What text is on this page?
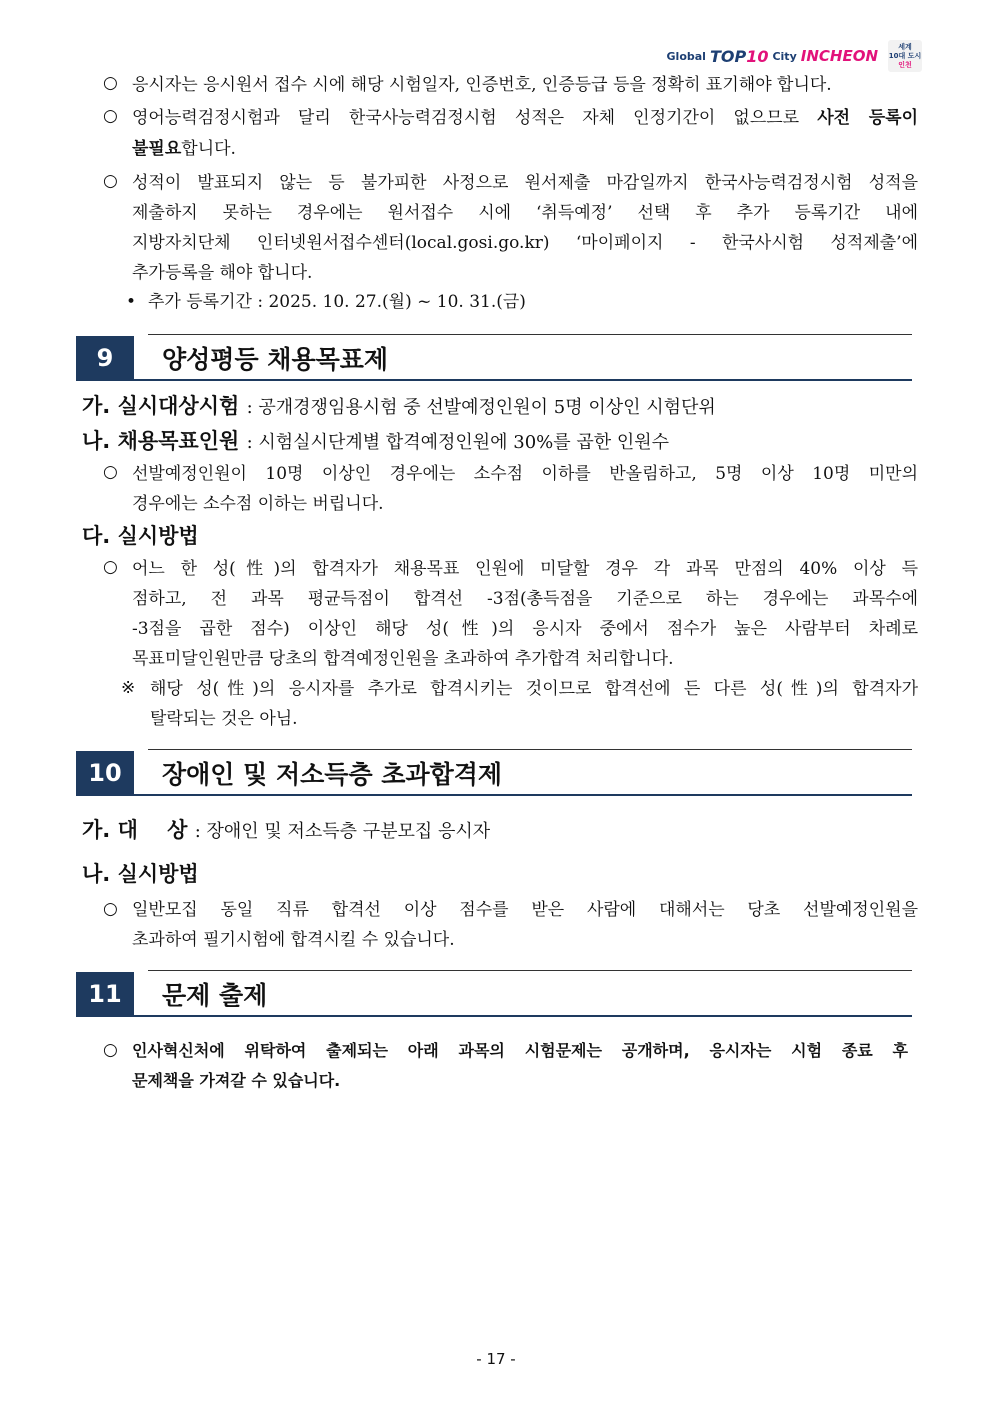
Global TOP10 City INCHEON
세계
10대 도시
인천
○ 응시자는 응시원서 접수 시에 해당 시험일자, 인증번호, 인증등급 등을 정확히 표기해야 합니다.
○ 영어능력검정시험과 달리 한국사능력검정시험 성적은 자체 인정기간이 없으므로 사전 등록이
불필요합니다.
○ 성적이 발표되지 않는 등 불가피한 사정으로 원서제출 마감일까지 한국사능력검정시험 성적을
제출하지 못하는 경우에는 원서접수 시에 ‘취득예정’ 선택 후 추가 등록기간 내에
지방자치단체 인터넷원서접수센터(local.gosi.go.kr) ‘마이페이지 - 한국사시험 성적제출’에
추가등록을 해야 합니다.
• 추가 등록기간 : 2025. 10. 27.(월) ~ 10. 31.(금)
9	양성평등 채용목표제
가. 실시대상시험 : 공개경쟁임용시험 중 선발예정인원이 5명 이상인 시험단위
나. 채용목표인원 : 시험실시단계별 합격예정인원에 30%를 곱한 인원수
○ 선발예정인원이 10명 이상인 경우에는 소수점 이하를 반올림하고, 5명 이상 10명 미만의
경우에는 소수점 이하는 버립니다.
다. 실시방법
○ 어느 한 성(性)의 합격자가 채용목표 인원에 미달할 경우 각 과목 만점의 40% 이상 득
점하고, 전 과목 평균득점이 합격선 -3점(총득점을 기준으로 하는 경우에는 과목수에
-3점을 곱한 점수) 이상인 해당 성(性)의 응시자 중에서 점수가 높은 사람부터 차례로
목표미달인원만큼 당초의 합격예정인원을 초과하여 추가합격 처리합니다.
※ 해당 성(性)의 응시자를 추가로 합격시키는 것이므로 합격선에 든 다른 성(性)의 합격자가
탈락되는 것은 아님.
10	장애인 및 저소득층 초과합격제
가. 대    상 : 장애인 및 저소득층 구분모집 응시자
나. 실시방법
○ 일반모집 동일 직류 합격선 이상 점수를 받은 사람에 대해서는 당초 선발예정인원을
초과하여 필기시험에 합격시킬 수 있습니다.
11	문제 출제
○ 인사혁신처에 위탁하여 출제되는 아래 과목의 시험문제는 공개하며, 응시자는 시험 종료 후
문제책을 가져갈 수 있습니다.
- 17 -
